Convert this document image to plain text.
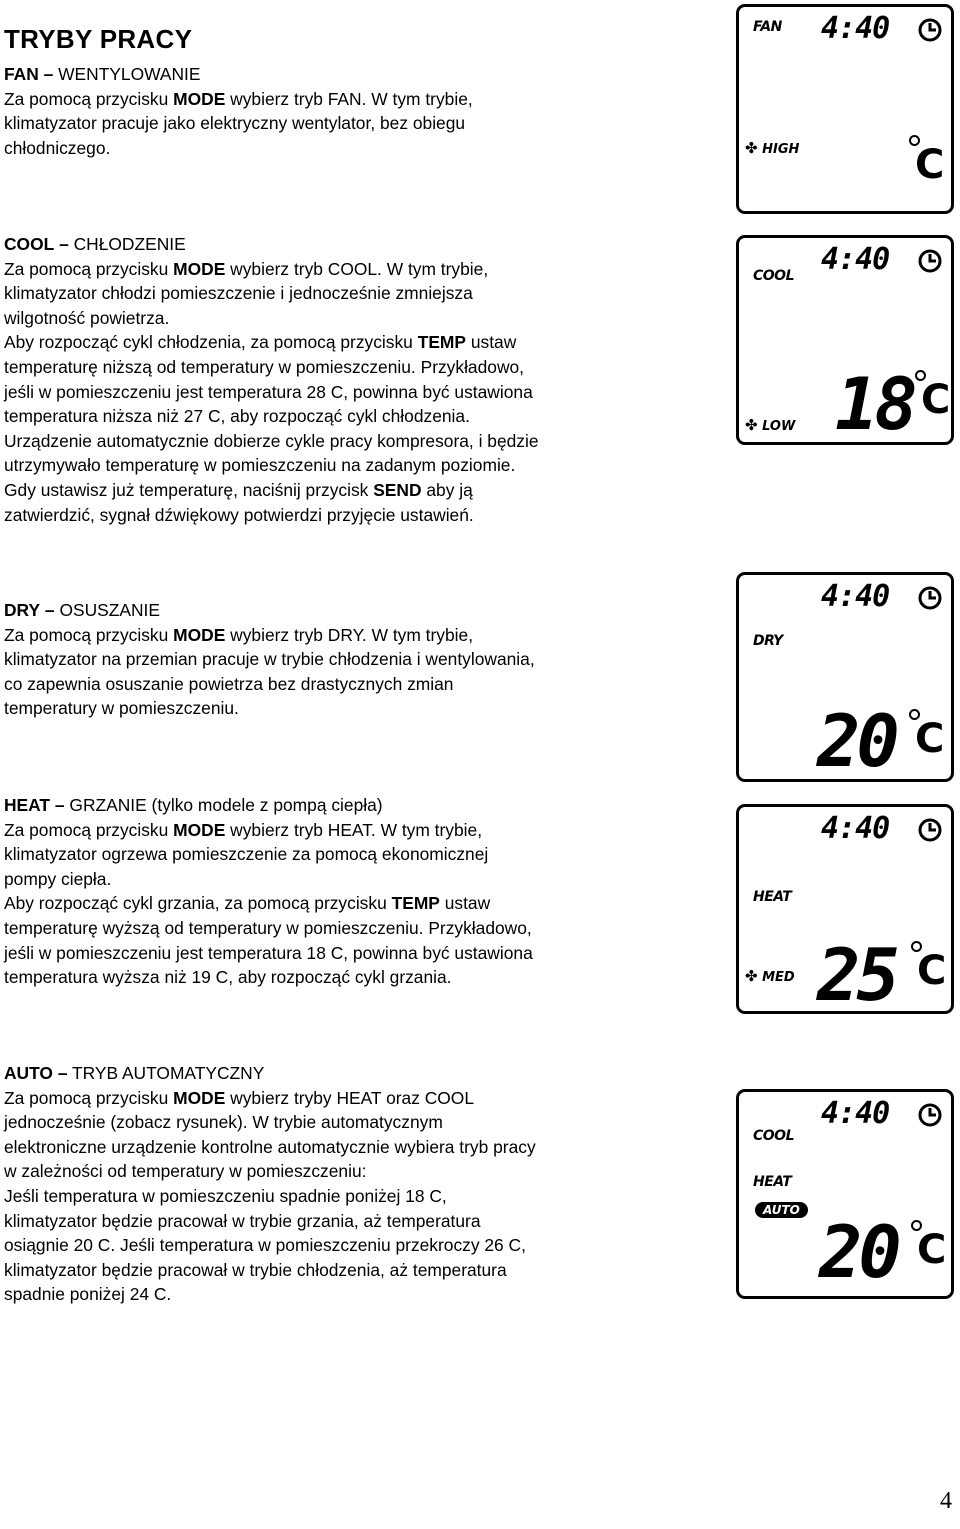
TRYBY PRACY

FAN – WENTYLOWANIE

Za pomocą przycisku MODE wybierz tryb FAN. W tym trybie,
klimatyzator pracuje jako elektryczny wentylator, bez obiegu
chłodniczego.

COOL – CHŁODZENIE

Za pomocą przycisku MODE wybierz tryb COOL. W tym trybie,
klimatyzator chłodzi pomieszczenie i jednocześnie zmniejsza
wilgotność powietrza.

Aby rozpocząć cykl chłodzenia, za pomocą przycisku TEMP ustaw
temperaturę niższą od temperatury w pomieszczeniu. Przykładowo,
jeśli w pomieszczeniu jest temperatura 28 C, powinna być ustawiona
temperatura niższa niż 27 C, aby rozpocząć cykl chłodzenia.

Urządzenie automatycznie dobierze cykle pracy kompresora, i będzie
utrzymywało temperaturę w pomieszczeniu na zadanym poziomie.

Gdy ustawisz już temperaturę, naciśnij przycisk SEND aby ją
zatwierdzić, sygnał dźwiękowy potwierdzi przyjęcie ustawień.

DRY – OSUSZANIE

Za pomocą przycisku MODE wybierz tryb DRY. W tym trybie,
klimatyzator na przemian pracuje w trybie chłodzenia i wentylowania,
co zapewnia osuszanie powietrza bez drastycznych zmian
temperatury w pomieszczeniu.

HEAT – GRZANIE (tylko modele z pompą ciepła)

Za pomocą przycisku MODE wybierz tryb HEAT. W tym trybie,
klimatyzator ogrzewa pomieszczenie za pomocą ekonomicznej
pompy ciepła.

Aby rozpocząć cykl grzania, za pomocą przycisku TEMP ustaw
temperaturę wyższą od temperatury w pomieszczeniu. Przykładowo,
jeśli w pomieszczeniu jest temperatura 18 C, powinna być ustawiona
temperatura wyższa niż 19 C, aby rozpocząć cykl grzania.

AUTO – TRYB AUTOMATYCZNY

Za pomocą przycisku MODE wybierz tryby HEAT oraz COOL
jednocześnie (zobacz rysunek). W trybie automatycznym
elektroniczne urządzenie kontrolne automatycznie wybiera tryb pracy
w zależności od temperatury w pomieszczeniu:
Jeśli temperatura w pomieszczeniu spadnie poniżej 18 C,
klimatyzator będzie pracował w trybie grzania, aż temperatura
osiągnie 20 C. Jeśli temperatura w pomieszczeniu przekroczy 26 C,
klimatyzator będzie pracował w trybie chłodzenia, aż temperatura
spadnie poniżej 24 C.

FAN 4:40
✤ HIGH	C
COOL 4:40
✤ LOW 18 C
DRY
4:40
20 C
HEAT
4:40
✤ MED 25 C
COOL
HEAT
AUTO
4:40
20 C
4
